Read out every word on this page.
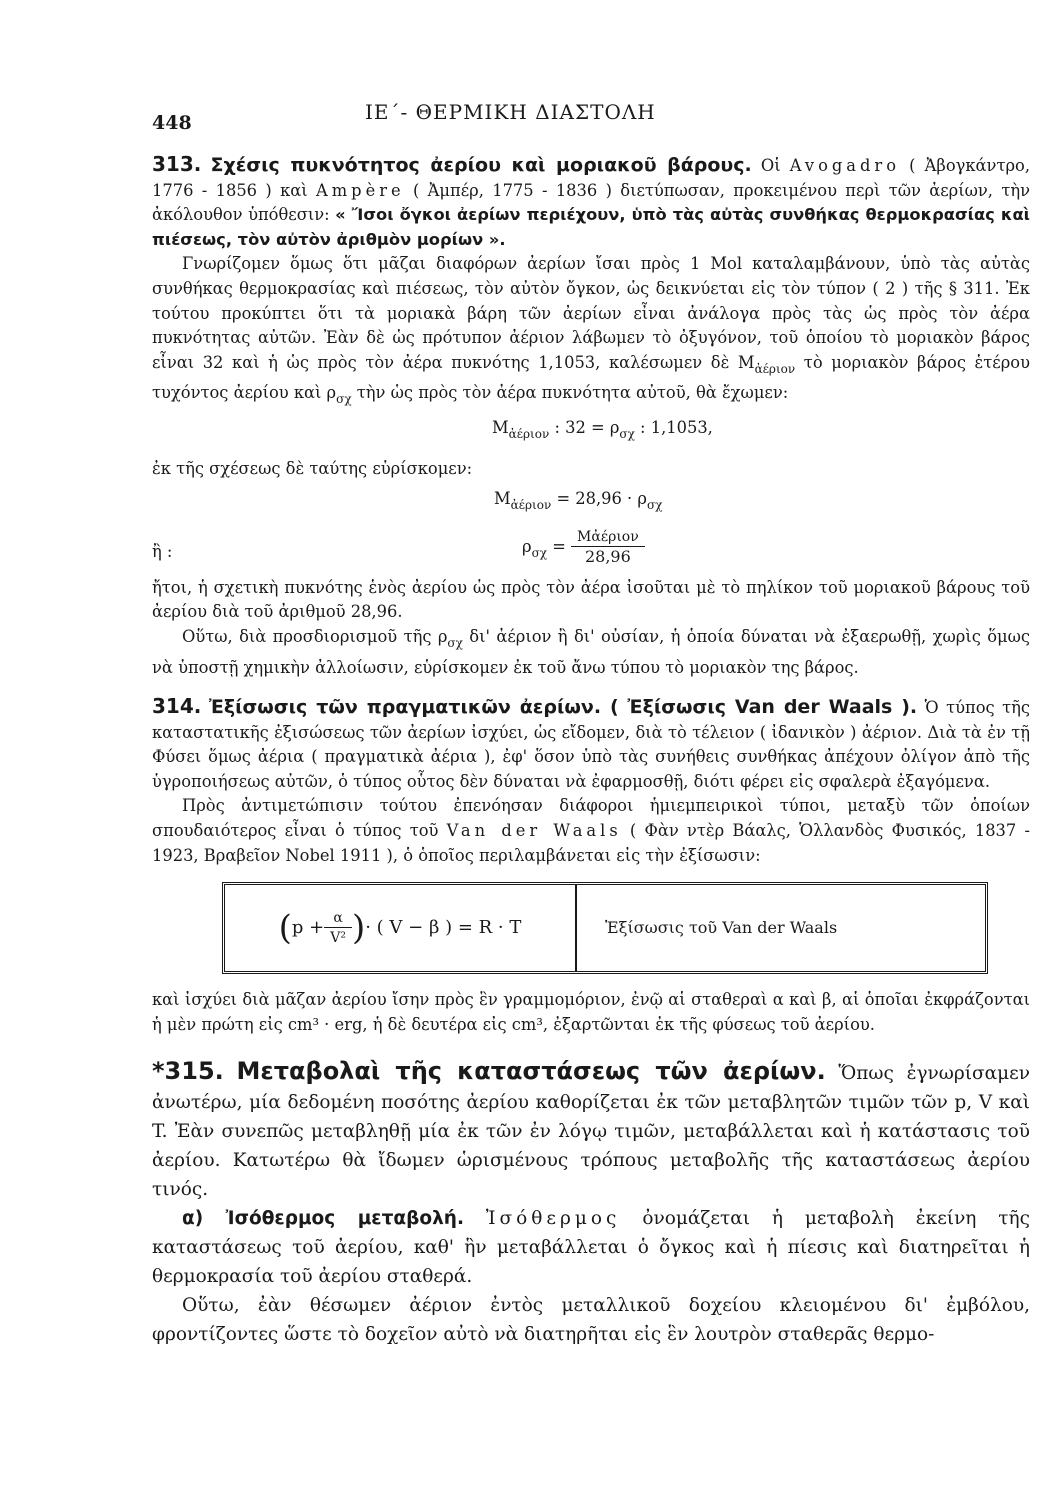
448	ΙΕ΄- ΘΕΡΜΙΚΗ ΔΙΑΣΤΟΛΗ

313. Σχέσις πυκνότητος ἀερίου καὶ μοριακοῦ βάρους. Οἱ Avogadro ( Ἀβογκάντρο, 1776 - 1856 ) καὶ Ampère ( Ἀμπέρ, 1775 - 1836 ) διετύπωσαν, προκειμένου περὶ τῶν ἀερίων, τὴν ἀκόλουθον ὑπόθεσιν: « Ἴσοι ὄγκοι ἀερίων περιέχουν, ὑπὸ τὰς αὐτὰς συνθήκας θερμοκρασίας καὶ πιέσεως, τὸν αὐτὸν ἀριθμὸν μορίων ».

Γνωρίζομεν ὅμως ὅτι μᾶζαι διαφόρων ἀερίων ἴσαι πρὸς 1 Mol καταλαμβάνουν, ὑπὸ τὰς αὐτὰς συνθήκας θερμοκρασίας καὶ πιέσεως, τὸν αὐτὸν ὄγκον, ὡς δεικνύεται εἰς τὸν τύπον ( 2 ) τῆς § 311. Ἐκ τούτου προκύπτει ὅτι τὰ μοριακὰ βάρη τῶν ἀερίων εἶναι ἀνάλογα πρὸς τὰς ὡς πρὸς τὸν ἀέρα πυκνότητας αὐτῶν. Ἐὰν δὲ ὡς πρότυπον ἀέριον λάβωμεν τὸ ὀξυγόνον, τοῦ ὁποίου τὸ μοριακὸν βάρος εἶναι 32 καὶ ἡ ὡς πρὸς τὸν ἀέρα πυκνότης 1,1053, καλέσωμεν δὲ $M_{ἀέ\rho\iota o\nu}$ τὸ μοριακὸν βάρος ἑτέρου τυχόντος ἀερίου καὶ $\rho_{\sigma\chi}$ τὴν ὡς πρὸς τὸν ἀέρα πυκνότητα αὐτοῦ, θὰ ἔχωμεν:

$M_{ἀέ\rho\iota o\nu}$ : $32 = \rho_{\sigma\chi}$ : 1,1053,

ἐκ τῆς σχέσεως δὲ ταύτης εὑρίσκομεν:

$M_{ἀέ\rho\iota o\nu} = 28,96 \cdot \rho_{\sigma\chi}$
ἢ :	$\rho_{\sigma\chi} = \frac{\text{Mἀέριον}}{28,96}$

ἤτοι, ἡ σχετικὴ πυκνότης ἑνὸς ἀερίου ὡς πρὸς τὸν ἀέρα ἰσοῦται μὲ τὸ πηλίκον τοῦ μοριακοῦ βάρους τοῦ ἀερίου διὰ τοῦ ἀριθμοῦ 28,96.

Οὕτω, διὰ προσδιορισμοῦ τῆς $\rho_{\sigma\chi}$ δι' ἀέριον ἢ δι' οὐσίαν, ἡ ὁποία δύναται νὰ ἐξαερωθῇ, χωρὶς ὅμως νὰ ὑποστῇ χημικὴν ἀλλοίωσιν, εὑρίσκομεν ἐκ τοῦ ἄνω τύπου τὸ μοριακὸν της βάρος.

314. Ἐξίσωσις τῶν πραγματικῶν ἀερίων. ( Ἐξίσωσις Van der Waals ). Ὁ τύπος τῆς καταστατικῆς ἐξισώσεως τῶν ἀερίων ἰσχύει, ὡς εἴδομεν, διὰ τὸ τέλειον ( ἰδανικὸν ) ἀέριον. Διὰ τὰ ἐν τῇ Φύσει ὅμως ἀέρια ( πραγματικὰ ἀέρια ), ἐφ' ὅσον ὑπὸ τὰς συνήθεις συνθήκας ἀπέχουν ὀλίγον ἀπὸ τῆς ὑγροποιήσεως αὐτῶν, ὁ τύπος οὗτος δὲν δύναται νὰ ἐφαρμοσθῇ, διότι φέρει εἰς σφαλερὰ ἐξαγόμενα.

Πρὸς ἀντιμετώπισιν τούτου ἐπενόησαν διάφοροι ἡμιεμπειρικοὶ τύποι, μεταξὺ τῶν ὁποίων σπουδαιότερος εἶναι ὁ τύπος τοῦ Van der Waals ( Φὰν ντὲρ Βάαλς, Ὁλλανδὸς Φυσικός, 1837 - 1923, Βραβεῖον Nobel 1911 ), ὁ ὁποῖος περιλαμβάνεται εἰς τὴν ἐξίσωσιν:

( $p + \frac{\alpha}{\text{V²}}$ ) · ( V − β ) = R · T	Ἐξίσωσις τοῦ Van der Waals

καὶ ἰσχύει διὰ μᾶζαν ἀερίου ἴσην πρὸς ἓν γραμμομόριον, ἐνῷ αἱ σταθεραὶ α καὶ β, αἱ ὁποῖαι ἐκφράζονται ἡ μὲν πρώτη εἰς cm³ · erg, ἡ δὲ δευτέρα εἰς cm³, ἐξαρτῶνται ἐκ τῆς φύσεως τοῦ ἀερίου.

*315. Μεταβολαὶ τῆς καταστάσεως τῶν ἀερίων. Ὅπως ἐγνωρίσαμεν ἀνωτέρω, μία δεδομένη ποσότης ἀερίου καθορίζεται ἐκ τῶν μεταβλητῶν τιμῶν τῶν p, V καὶ T. Ἐὰν συνεπῶς μεταβληθῇ μία ἐκ τῶν ἐν λόγῳ τιμῶν, μεταβάλλεται καὶ ἡ κατάστασις τοῦ ἀερίου. Κατωτέρω θὰ ἴδωμεν ὡρισμένους τρόπους μεταβολῆς τῆς καταστάσεως ἀερίου τινός.

α) Ἰσόθερμος μεταβολή. Ἰσόθερμος ὀνομάζεται ἡ μεταβολὴ ἐκείνη τῆς καταστάσεως τοῦ ἀερίου, καθ' ἣν μεταβάλλεται ὁ ὄγκος καὶ ἡ πίεσις καὶ διατηρεῖται ἡ θερμοκρασία τοῦ ἀερίου σταθερά.

Οὕτω, ἐὰν θέσωμεν ἀέριον ἐντὸς μεταλλικοῦ δοχείου κλειομένου δι' ἐμβόλου, φροντίζοντες ὥστε τὸ δοχεῖον αὐτὸ νὰ διατηρῆται εἰς ἓν λουτρὸν σταθερᾶς θερμο-
